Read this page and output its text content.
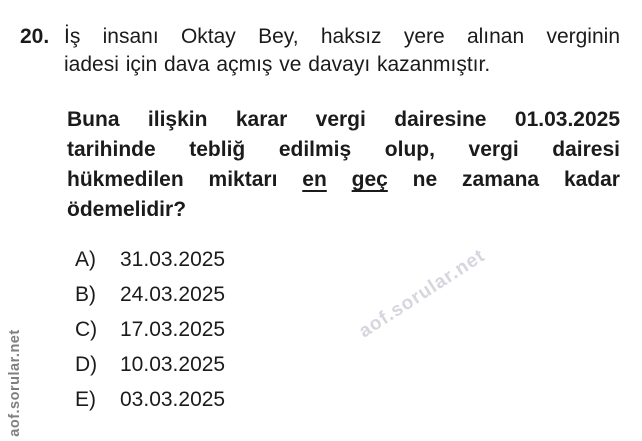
aof.sorular.net
aof.sorular.net
20. İş insanı Oktay Bey, haksız yere alınan verginin
iadesi için dava açmış ve davayı kazanmıştır.
Buna ilişkin karar vergi dairesine 01.03.2025
tarihinde tebliğ edilmiş olup, vergi dairesi
hükmedilen miktarı en geç ne zamana kadar
ödemelidir?
A)	31.03.2025
B)	24.03.2025
C)	17.03.2025
D)	10.03.2025
E)	03.03.2025
